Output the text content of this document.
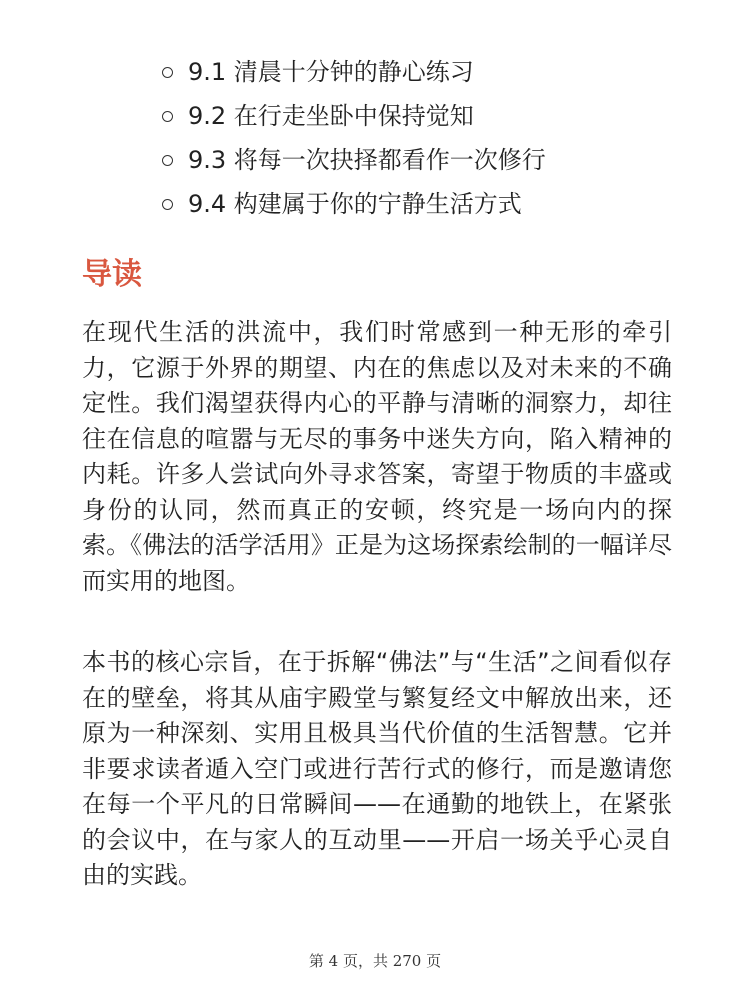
9.1 清晨十分钟的静心练习
9.2 在行走坐卧中保持觉知
9.3 将每一次抉择都看作一次修行
9.4 构建属于你的宁静生活方式
导读

在现代生活的洪流中，我们时常感到一种无形的牵引力，它源于外界的期望、内在的焦虑以及对未来的不确定性。我们渴望获得内心的平静与清晰的洞察力，却往往在信息的喧嚣与无尽的事务中迷失方向，陷入精神的内耗。许多人尝试向外寻求答案，寄望于物质的丰盛或身份的认同，然而真正的安顿，终究是一场向内的探索。《佛法的活学活用》正是为这场探索绘制的一幅详尽而实用的地图。

本书的核心宗旨，在于拆解“佛法”与“生活”之间看似存在的壁垒，将其从庙宇殿堂与繁复经文中解放出来，还原为一种深刻、实用且极具当代价值的生活智慧。它并非要求读者遁入空门或进行苦行式的修行，而是邀请您在每一个平凡的日常瞬间——在通勤的地铁上，在紧张的会议中，在与家人的互动里——开启一场关乎心灵自由的实践。

第 4 页，共 270 页
